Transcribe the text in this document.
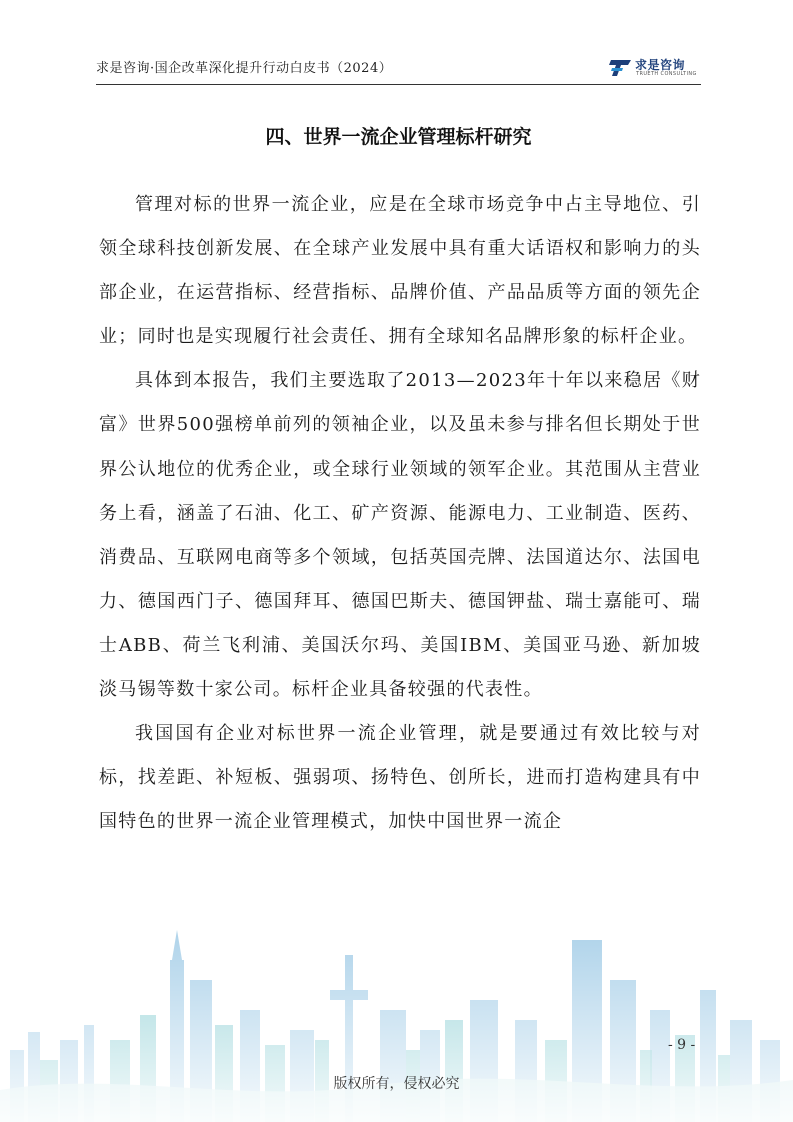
求是咨询·国企改革深化提升行动白皮书（2024）	求是咨询
TRUETH CONSULTING
四、世界一流企业管理标杆研究

管理对标的世界一流企业，应是在全球市场竞争中占主导地位、引领全球科技创新发展、在全球产业发展中具有重大话语权和影响力的头部企业，在运营指标、经营指标、品牌价值、产品品质等方面的领先企业；同时也是实现履行社会责任、拥有全球知名品牌形象的标杆企业。

具体到本报告，我们主要选取了2013—2023年十年以来稳居《财富》世界500强榜单前列的领袖企业，以及虽未参与排名但长期处于世界公认地位的优秀企业，或全球行业领域的领军企业。其范围从主营业务上看，涵盖了石油、化工、矿产资源、能源电力、工业制造、医药、消费品、互联网电商等多个领域，包括英国壳牌、法国道达尔、法国电力、德国西门子、德国拜耳、德国巴斯夫、德国钾盐、瑞士嘉能可、瑞士ABB、荷兰飞利浦、美国沃尔玛、美国IBM、美国亚马逊、新加坡淡马锡等数十家公司。标杆企业具备较强的代表性。

我国国有企业对标世界一流企业管理，就是要通过有效比较与对标，找差距、补短板、强弱项、扬特色、创所长，进而打造构建具有中国特色的世界一流企业管理模式，加快中国世界一流企

- 9 -
版权所有，侵权必究
